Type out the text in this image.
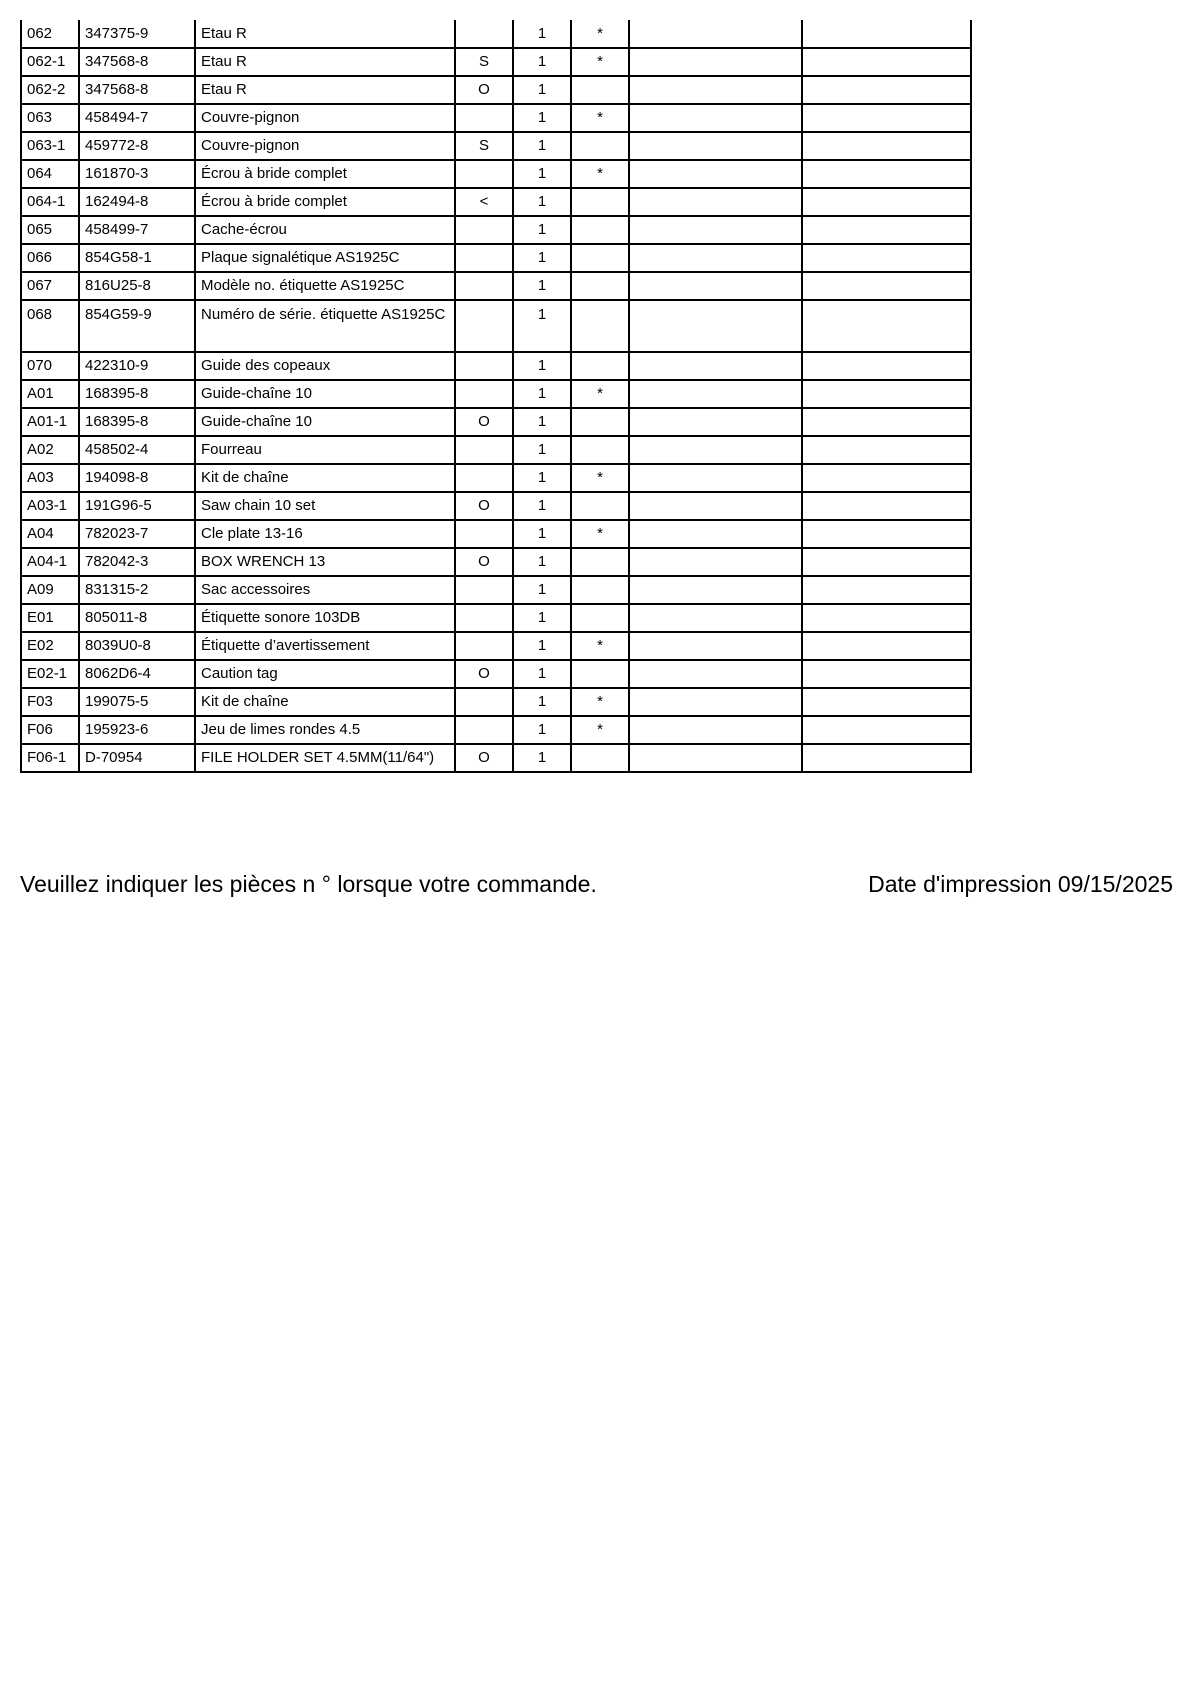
062	347375-9	Etau R		1	*		
062-1	347568-8	Etau R	S	1	*		
062-2	347568-8	Etau R	O	1			
063	458494-7	Couvre-pignon		1	*		
063-1	459772-8	Couvre-pignon	S	1			
064	161870-3	Écrou à bride complet		1	*		
064-1	162494-8	Écrou à bride complet	<	1			
065	458499-7	Cache-écrou		1			
066	854G58-1	Plaque signalétique AS1925C		1			
067	816U25-8	Modèle no. étiquette AS1925C		1			
068	854G59-9	Numéro de série. étiquette AS1925C		1			
070	422310-9	Guide des copeaux		1			
A01	168395-8	Guide-chaîne 10		1	*		
A01-1	168395-8	Guide-chaîne 10	O	1			
A02	458502-4	Fourreau		1			
A03	194098-8	Kit de chaîne		1	*		
A03-1	191G96-5	Saw chain 10 set	O	1			
A04	782023-7	Cle plate 13-16		1	*		
A04-1	782042-3	BOX WRENCH 13	O	1			
A09	831315-2	Sac accessoires		1			
E01	805011-8	Étiquette sonore 103DB		1			
E02	8039U0-8	Étiquette d’avertissement		1	*		
E02-1	8062D6-4	Caution tag	O	1			
F03	199075-5	Kit de chaîne		1	*		
F06	195923-6	Jeu de limes rondes 4.5		1	*		
F06-1	D-70954	FILE HOLDER SET 4.5MM(11/64")	O	1			
Veuillez indiquer les pièces n ° lorsque votre commande.	Date d'impression 09/15/2025
